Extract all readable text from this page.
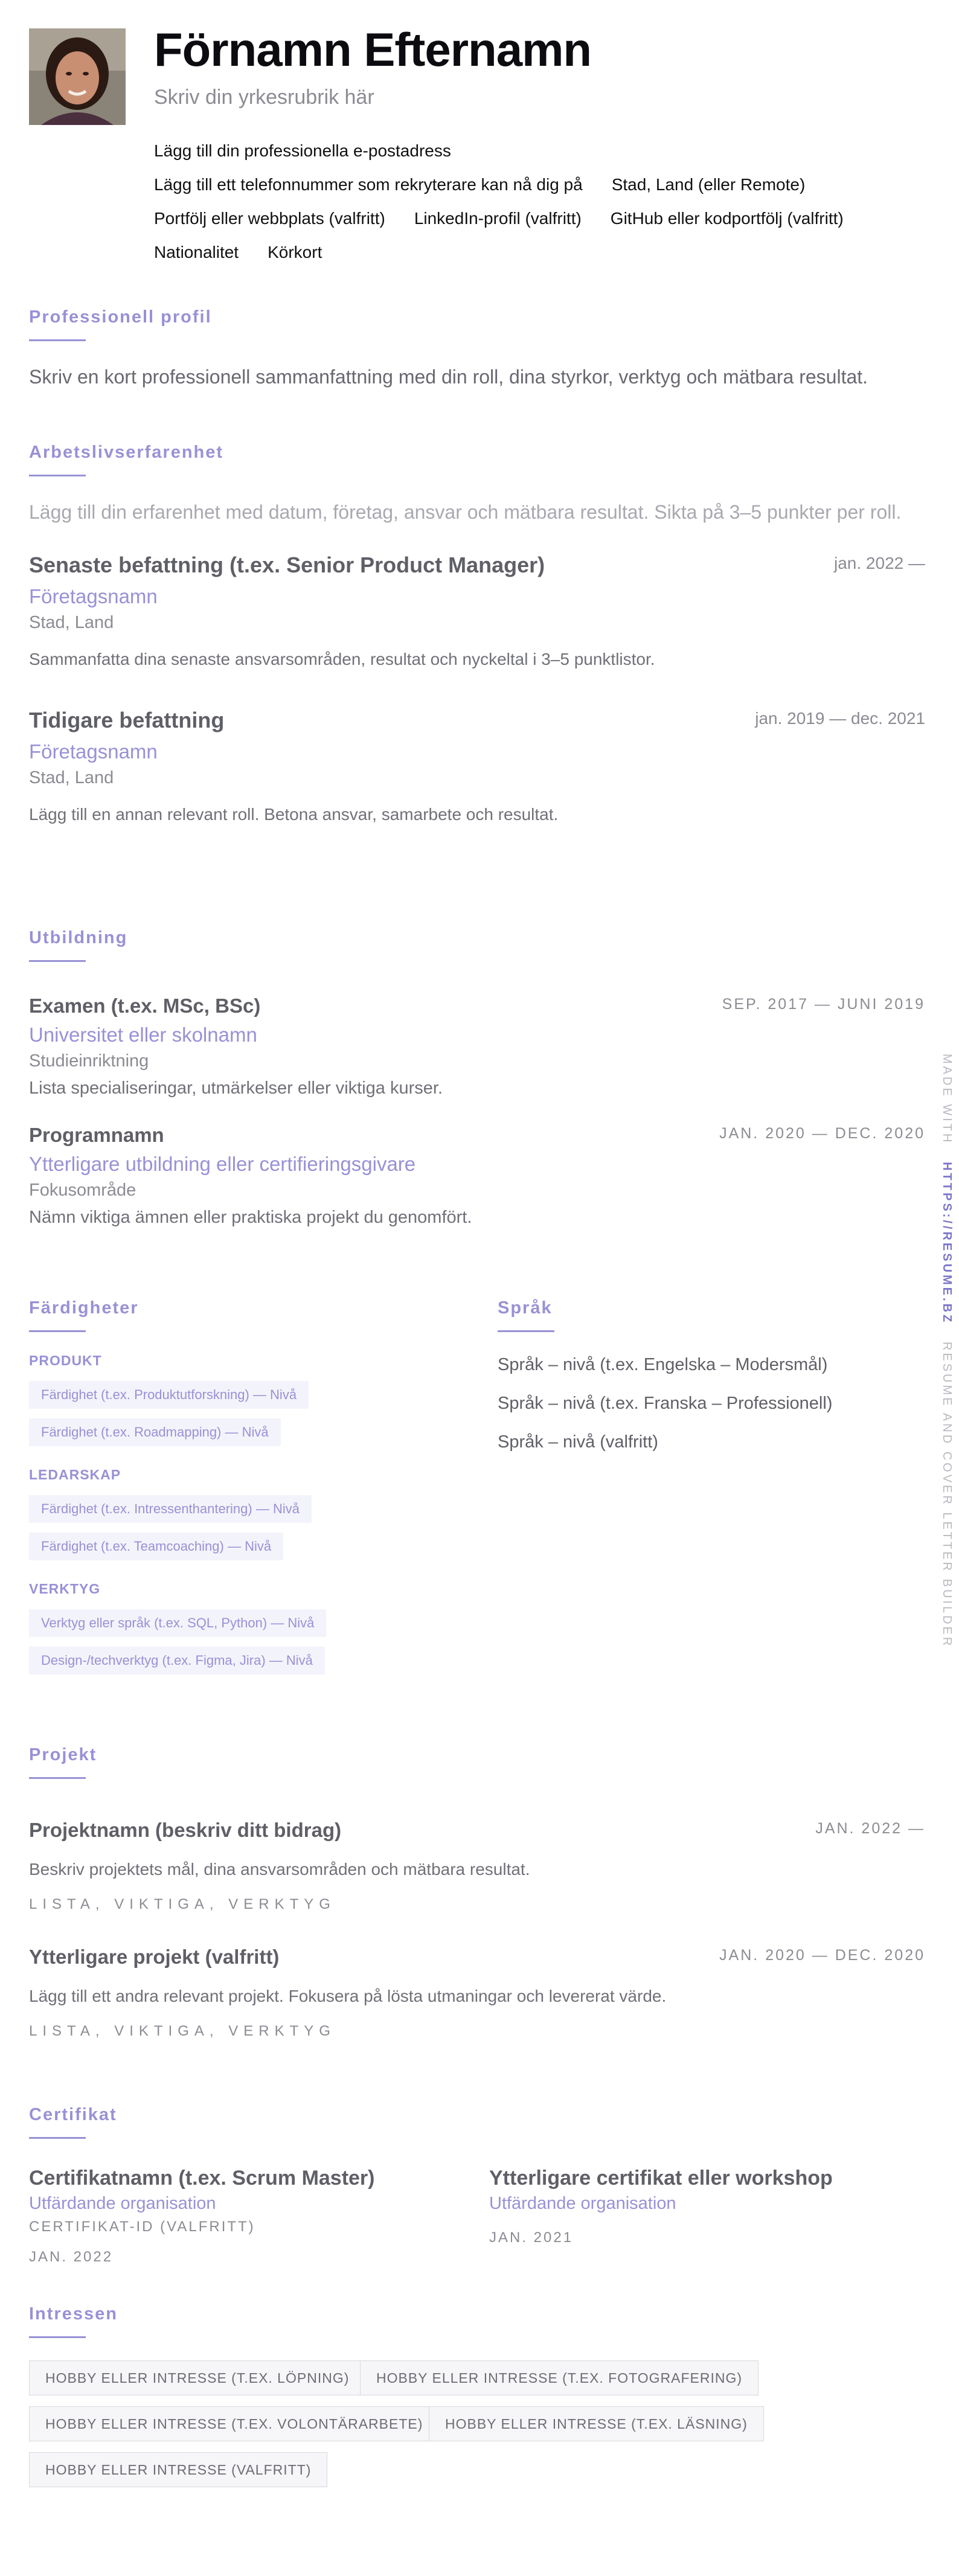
Förnamn Efternamn
Skriv din yrkesrubrik här
Lägg till din professionella e-postadress
Lägg till ett telefonnummer som rekryterare kan nå dig på Stad, Land (eller Remote)
Portfölj eller webbplats (valfritt) LinkedIn-profil (valfritt) GitHub eller kodportfölj (valfritt)
Nationalitet Körkort
Professionell profil
Skriv en kort professionell sammanfattning med din roll, dina styrkor, verktyg och mätbara resultat.
Arbetslivserfarenhet
Lägg till din erfarenhet med datum, företag, ansvar och mätbara resultat. Sikta på 3–5 punkter per roll.
Senaste befattning (t.ex. Senior Product Manager)	jan. 2022 —
Företagsnamn
Stad, Land
Sammanfatta dina senaste ansvarsområden, resultat och nyckeltal i 3–5 punktlistor.
Tidigare befattning	jan. 2019 — dec. 2021
Företagsnamn
Stad, Land
Lägg till en annan relevant roll. Betona ansvar, samarbete och resultat.
Utbildning
Examen (t.ex. MSc, BSc)	SEP. 2017 — JUNI 2019
Universitet eller skolnamn
Studieinriktning
Lista specialiseringar, utmärkelser eller viktiga kurser.
Programnamn	JAN. 2020 — DEC. 2020
Ytterligare utbildning eller certifieringsgivare
Fokusområde
Nämn viktiga ämnen eller praktiska projekt du genomfört.
Färdigheter
PRODUKT
Färdighet (t.ex. Produktutforskning) — Nivå
Färdighet (t.ex. Roadmapping) — Nivå
LEDARSKAP
Färdighet (t.ex. Intressenthantering) — Nivå
Färdighet (t.ex. Teamcoaching) — Nivå
VERKTYG
Verktyg eller språk (t.ex. SQL, Python) — Nivå
Design-/techverktyg (t.ex. Figma, Jira) — Nivå
Språk
Språk – nivå (t.ex. Engelska – Modersmål)
Språk – nivå (t.ex. Franska – Professionell)
Språk – nivå (valfritt)
Projekt
Projektnamn (beskriv ditt bidrag)	JAN. 2022 —
Beskriv projektets mål, dina ansvarsområden och mätbara resultat.
LISTA, VIKTIGA, VERKTYG
Ytterligare projekt (valfritt)	JAN. 2020 — DEC. 2020
Lägg till ett andra relevant projekt. Fokusera på lösta utmaningar och levererat värde.
LISTA, VIKTIGA, VERKTYG
Certifikat
Certifikatnamn (t.ex. Scrum Master)
Utfärdande organisation
CERTIFIKAT-ID (VALFRITT)
JAN. 2022
Ytterligare certifikat eller workshop
Utfärdande organisation
JAN. 2021
Intressen
HOBBY ELLER INTRESSE (T.EX. LÖPNING)	HOBBY ELLER INTRESSE (T.EX. FOTOGRAFERING)
HOBBY ELLER INTRESSE (T.EX. VOLONTÄRARBETE)	HOBBY ELLER INTRESSE (T.EX. LÄSNING)
HOBBY ELLER INTRESSE (VALFRITT)
MADE WITH   HTTPS://RESUME.BZ   RESUME AND COVER LETTER BUILDER
